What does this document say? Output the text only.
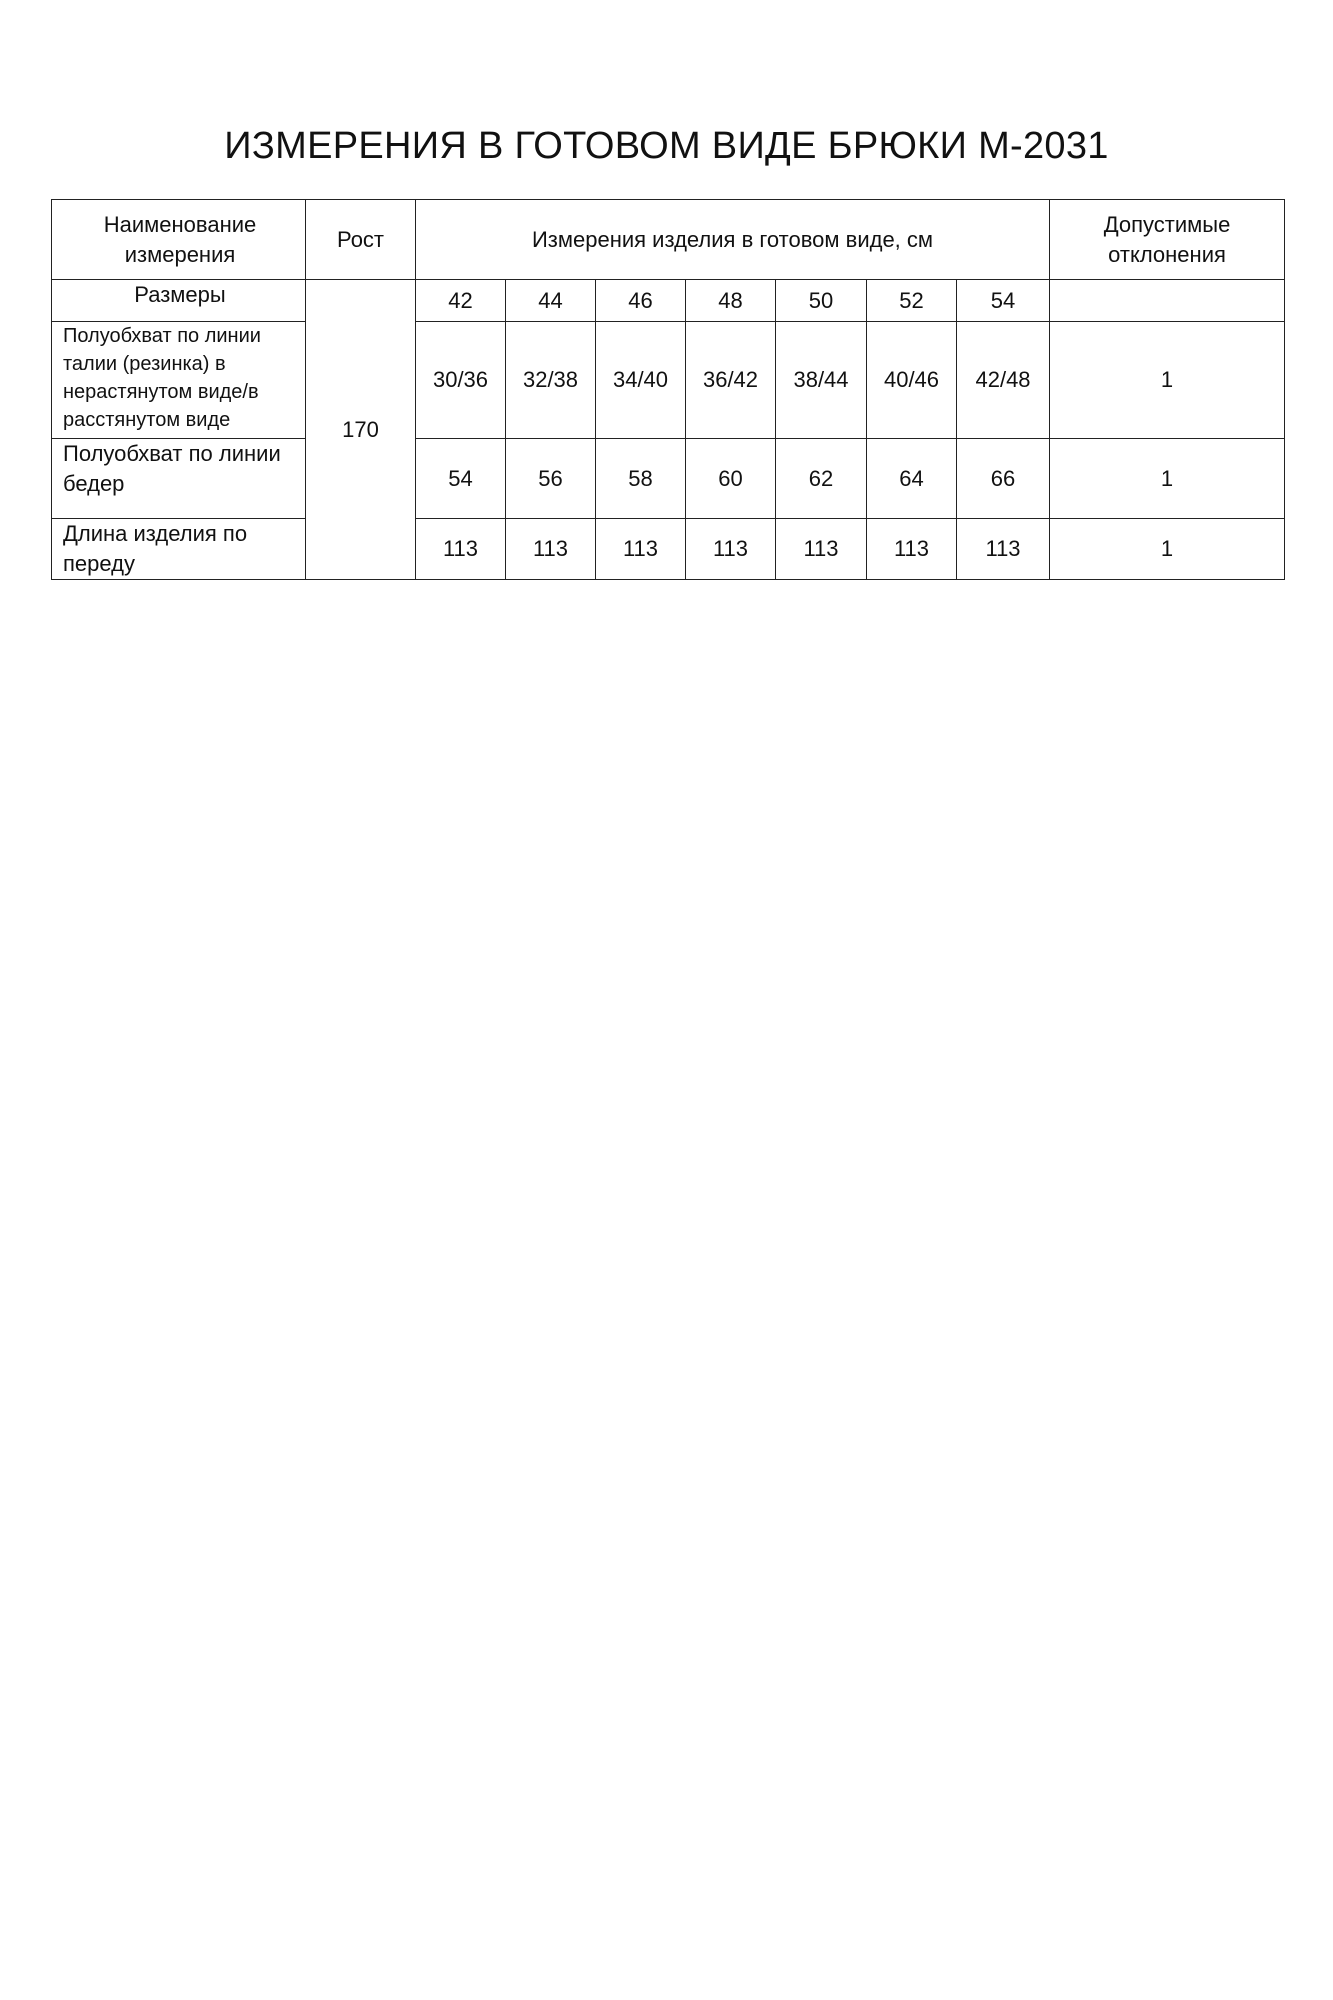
ИЗМЕРЕНИЯ В ГОТОВОМ ВИДЕ БРЮКИ М-2031
Наименование измерения	Рост	Измерения изделия в готовом виде, см							Допустимые отклонения
Размеры	170	42	44	46	48	50	52	54	
Полуобхват по линии талии (резинка) в нерастянутом виде/в расстянутом виде		30/36	32/38	34/40	36/42	38/44	40/46	42/48	1
Полуобхват по линии бедер		54	56	58	60	62	64	66	1
Длина изделия по переду		113	113	113	113	113	113	113	1
